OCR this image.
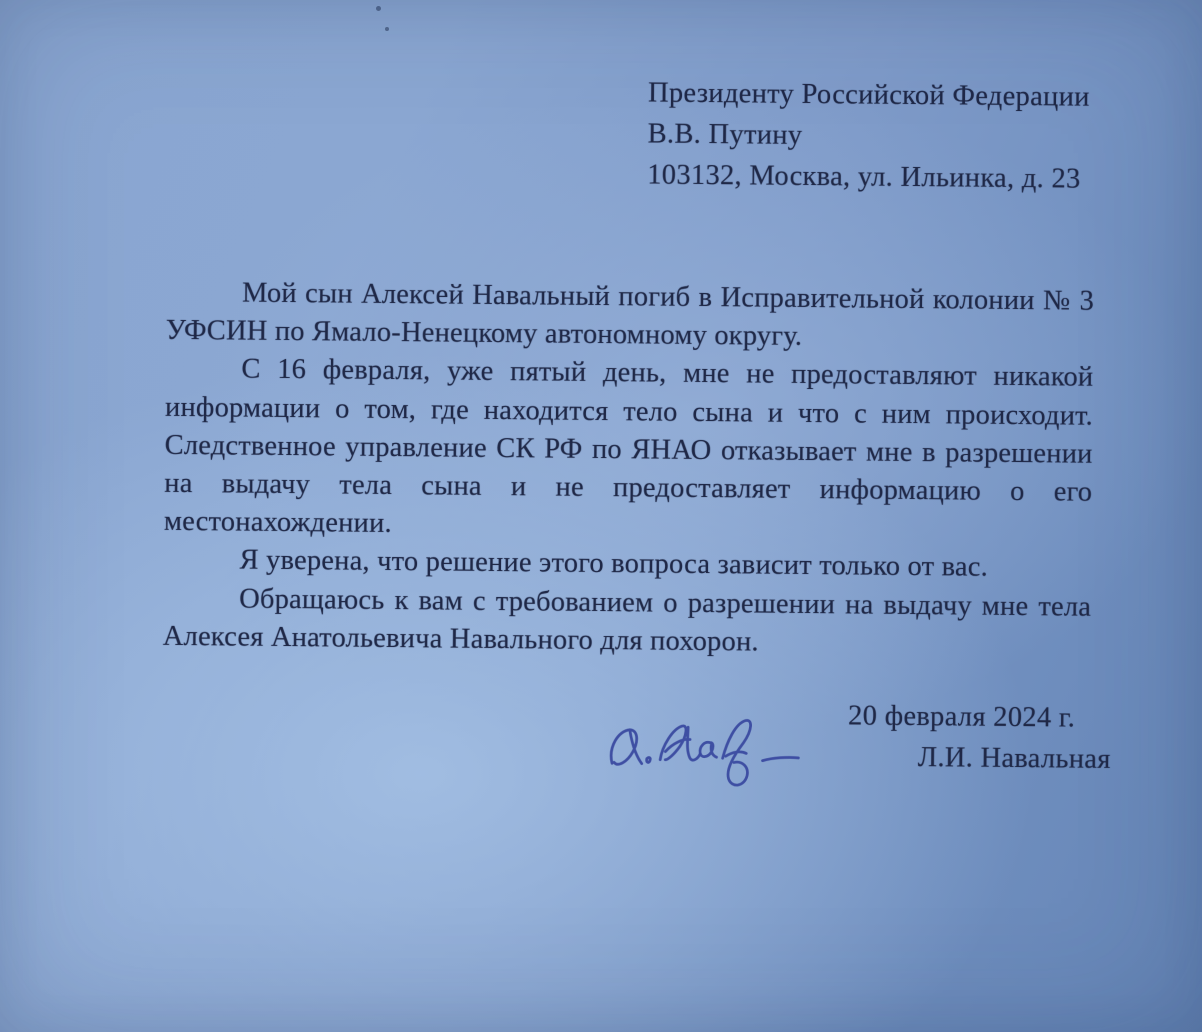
Президенту Российской Федерации
В.В. Путину
103132, Москва, ул. Ильинка, д. 23
Мой сын Алексей Навальный погиб в Исправительной колонии № 3
УФСИН по Ямало-Ненецкому автономному округу.
С 16 февраля, уже пятый день, мне не предоставляют никакой
информации о том, где находится тело сына и что с ним происходит.
Следственное управление СК РФ по ЯНАО отказывает мне в разрешении
на выдачу тела сына и не предоставляет информацию о его
местонахождении.
Я уверена, что решение этого вопроса зависит только от вас.
Обращаюсь к вам с требованием о разрешении на выдачу мне тела
Алексея Анатольевича Навального для похорон.
20 февраля 2024 г.
Л.И. Навальная
